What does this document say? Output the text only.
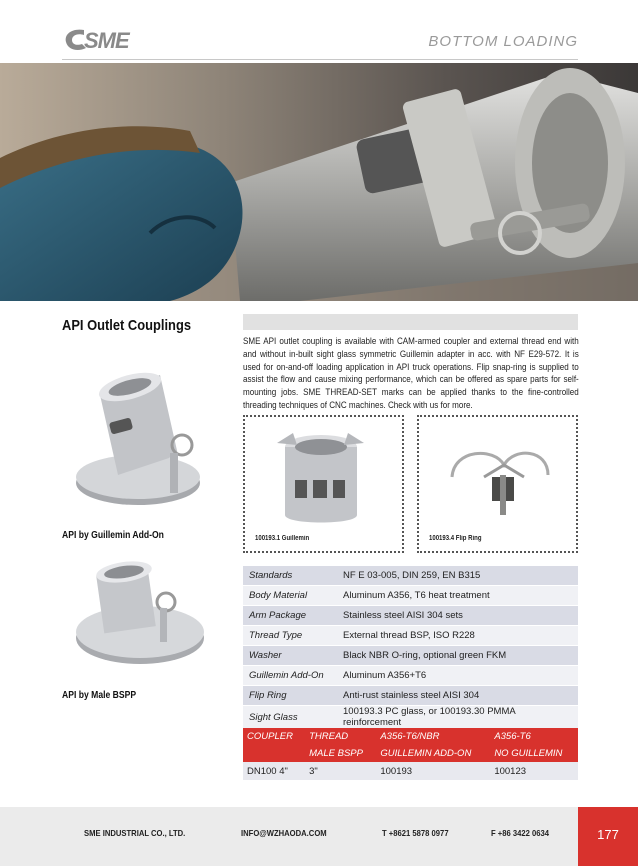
SME	BOTTOM LOADING
API Outlet Couplings
SME API outlet coupling is available with CAM-armed coupler and external thread end with and without in-built sight glass symmetric Guillemin adapter in acc. with NF E29-572. It is used for on-and-off loading application in API truck operations. Flip snap-ring is supplied to assist the flow and cause mixing performance, which can be offered as spare parts for self-mounting jobs. SME THREAD-SET marks can be applied thanks to the fine-controlled threading techniques of CNC machines. Check with us for more.
API by Guillemin Add-On
API by Male BSPP
100193.1 Guillemin	100193.4 Flip Ring
Standards	NF E 03-005, DIN 259, EN B315
Body Material	Aluminum A356, T6 heat treatment
Arm Package	Stainless steel AISI 304 sets
Thread Type	External thread BSP, ISO R228
Washer	Black NBR O-ring, optional green FKM
Guillemin Add-On	Aluminum A356+T6
Flip Ring	Anti-rust stainless steel AISI 304
Sight Glass	100193.3 PC glass, or 100193.30 PMMA reinforcement
COUPLER	THREAD	A356-T6/NBR	A356-T6
	MALE BSPP	GUILLEMIN ADD-ON	NO GUILLEMIN
DN100 4"	3"	100193	100123
SME INDUSTRIAL CO., LTD.	INFO@WZHAODA.COM	T +8621 5878 0977	F +86 3422 0634	177
